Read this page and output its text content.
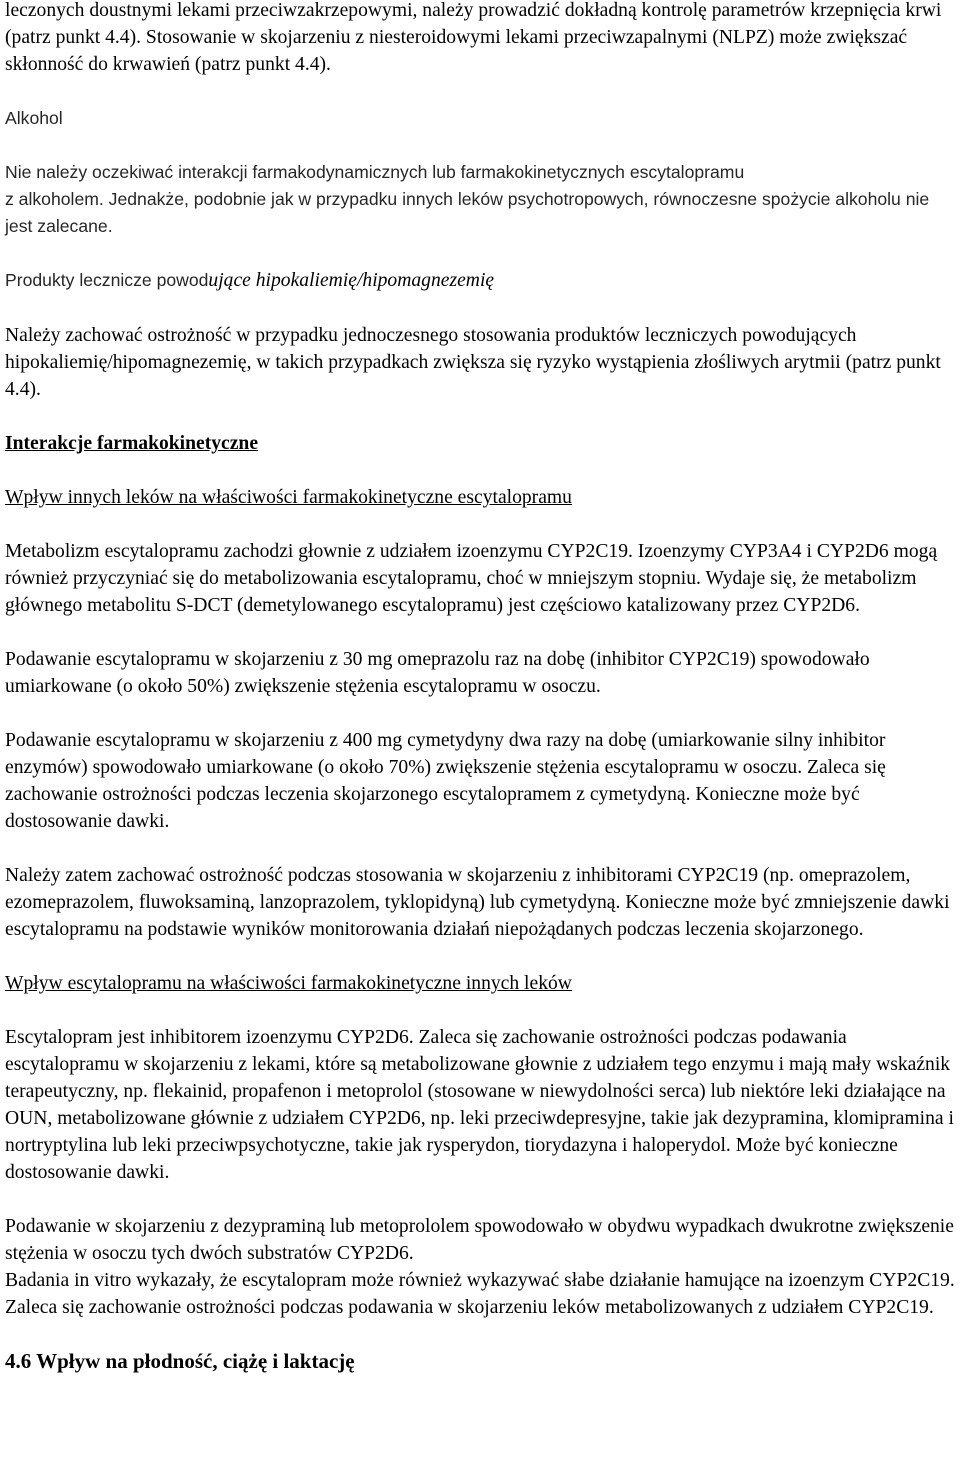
leczonych doustnymi lekami przeciwzakrzepowymi, należy prowadzić dokładną kontrolę parametrów krzepnięcia krwi (patrz punkt 4.4). Stosowanie w skojarzeniu z niesteroidowymi lekami przeciwzapalnymi (NLPZ) może zwiększać skłonność do krwawień (patrz punkt 4.4).

Alkohol

Nie należy oczekiwać interakcji farmakodynamicznych lub farmakokinetycznych escytalopramu
z alkoholem. Jednakże, podobnie jak w przypadku innych leków psychotropowych, równoczesne spożycie alkoholu nie jest zalecane.

Produkty lecznicze powodujące hipokaliemię/hipomagnezemię

Należy zachować ostrożność w przypadku jednoczesnego stosowania produktów leczniczych powodujących hipokaliemię/hipomagnezemię, w takich przypadkach zwiększa się ryzyko wystąpienia złośliwych arytmii (patrz punkt 4.4).

Interakcje farmakokinetyczne

Wpływ innych leków na właściwości farmakokinetyczne escytalopramu

Metabolizm escytalopramu zachodzi głownie z udziałem izoenzymu CYP2C19. Izoenzymy CYP3A4 i CYP2D6 mogą również przyczyniać się do metabolizowania escytalopramu, choć w mniejszym stopniu. Wydaje się, że metabolizm głównego metabolitu S-DCT (demetylowanego escytalopramu) jest częściowo katalizowany przez CYP2D6.

Podawanie escytalopramu w skojarzeniu z 30 mg omeprazolu raz na dobę (inhibitor CYP2C19) spowodowało umiarkowane (o około 50%) zwiększenie stężenia escytalopramu w osoczu.

Podawanie escytalopramu w skojarzeniu z 400 mg cymetydyny dwa razy na dobę (umiarkowanie silny inhibitor enzymów) spowodowało umiarkowane (o około 70%) zwiększenie stężenia escytalopramu w osoczu. Zaleca się zachowanie ostrożności podczas leczenia skojarzonego escytalopramem z cymetydyną. Konieczne może być dostosowanie dawki.

Należy zatem zachować ostrożność podczas stosowania w skojarzeniu z inhibitorami CYP2C19 (np. omeprazolem, ezomeprazolem, fluwoksaminą, lanzoprazolem, tyklopidyną) lub cymetydyną. Konieczne może być zmniejszenie dawki escytalopramu na podstawie wyników monitorowania działań niepożądanych podczas leczenia skojarzonego.

Wpływ escytalopramu na właściwości farmakokinetyczne innych leków

Escytalopram jest inhibitorem izoenzymu CYP2D6. Zaleca się zachowanie ostrożności podczas podawania escytalopramu w skojarzeniu z lekami, które są metabolizowane głownie z udziałem tego enzymu i mają mały wskaźnik terapeutyczny, np. flekainid, propafenon i metoprolol (stosowane w niewydolności serca) lub niektóre leki działające na OUN, metabolizowane głównie z udziałem CYP2D6, np. leki przeciwdepresyjne, takie jak dezypramina, klomipramina i nortryptylina lub leki przeciwpsychotyczne, takie jak rysperydon, tiorydazyna i haloperydol. Może być konieczne dostosowanie dawki.

Podawanie w skojarzeniu z dezypraminą lub metoprololem spowodowało w obydwu wypadkach dwukrotne zwiększenie stężenia w osoczu tych dwóch substratów CYP2D6.

Badania in vitro wykazały, że escytalopram może również wykazywać słabe działanie hamujące na izoenzym CYP2C19. Zaleca się zachowanie ostrożności podczas podawania w skojarzeniu leków metabolizowanych z udziałem CYP2C19.

4.6 Wpływ na płodność, ciążę i laktację
